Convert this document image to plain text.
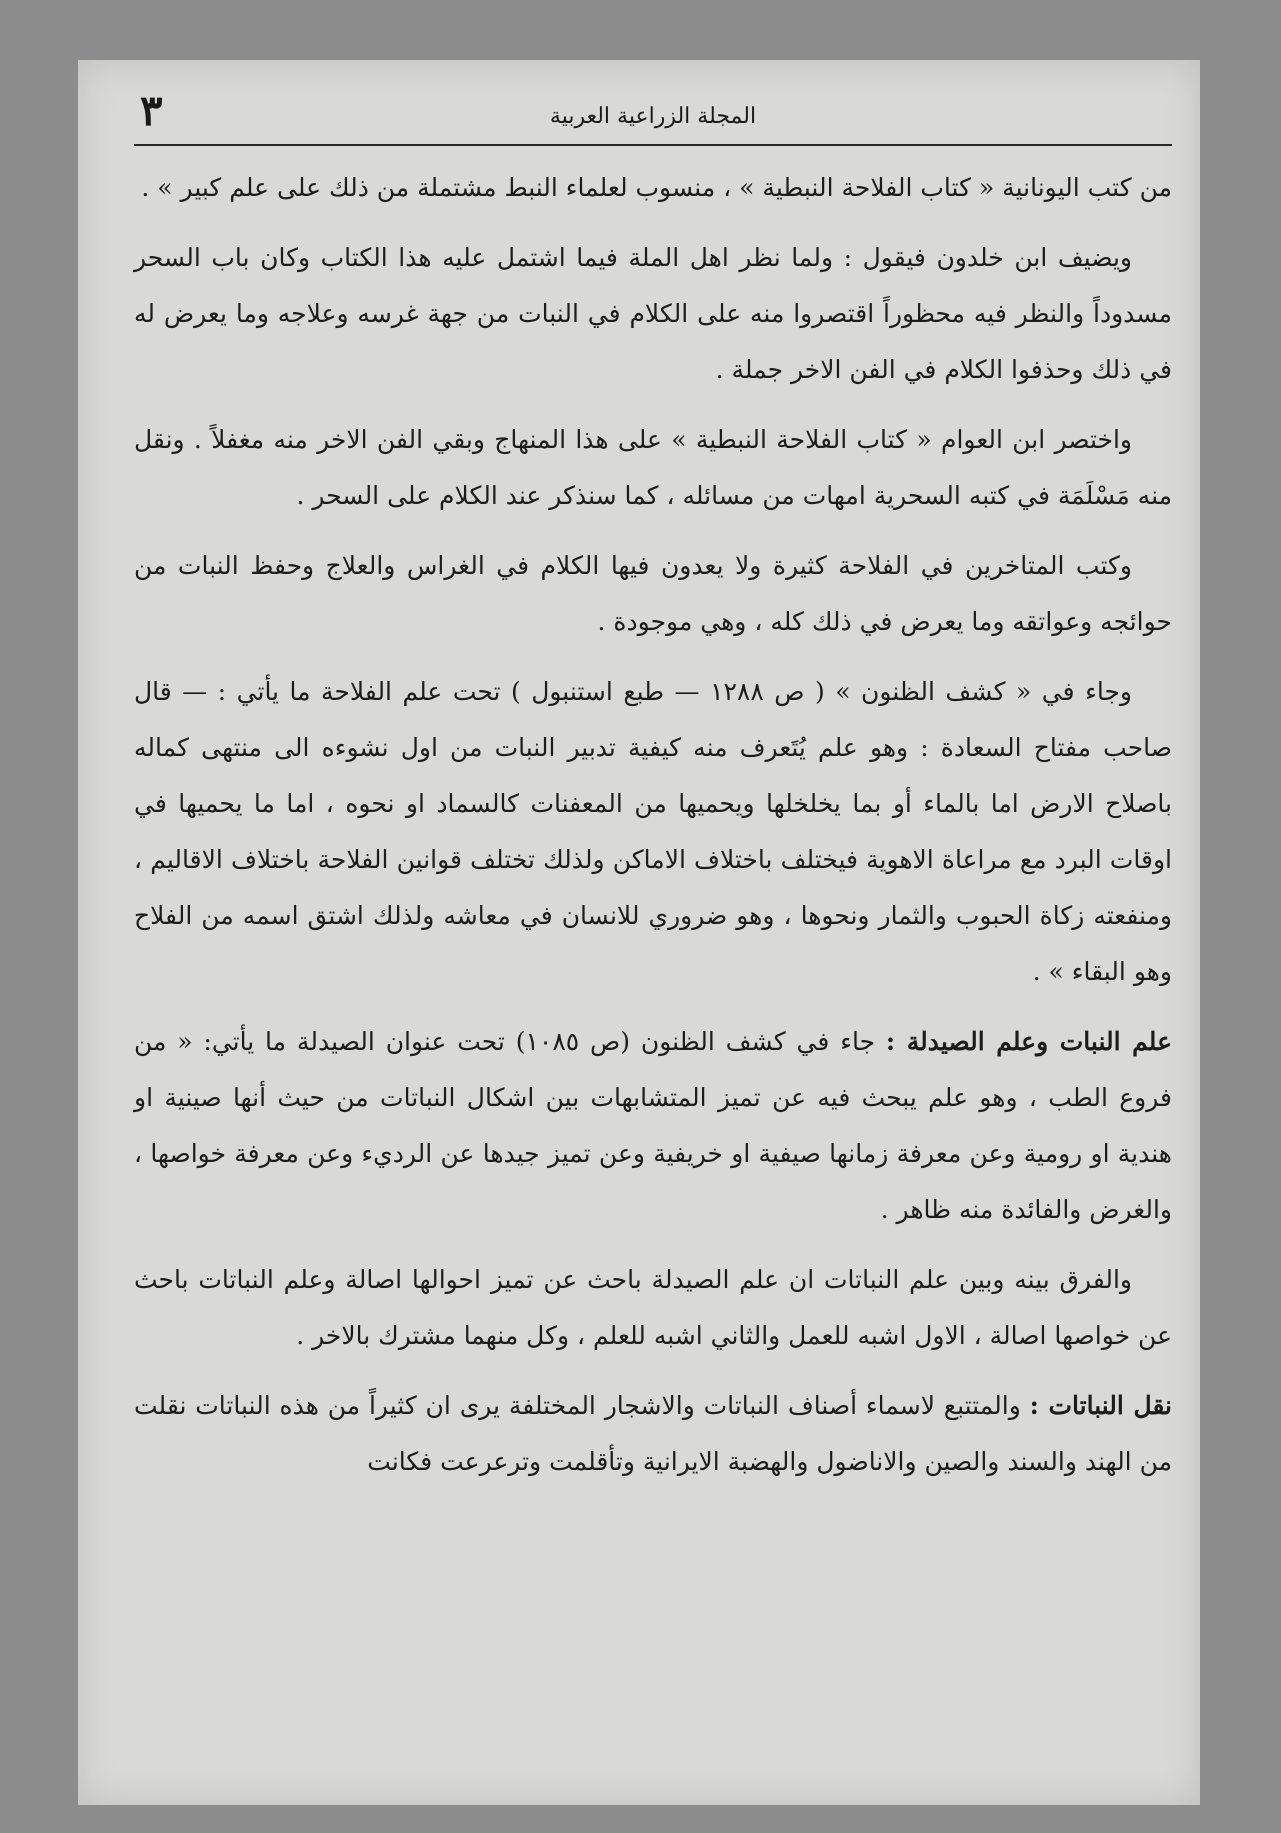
٣	المجلة الزراعية العربية

من كتب اليونانية « كتاب الفلاحة النبطية » ، منسوب لعلماء النبط مشتملة من ذلك على علم كبير » .

ويضيف ابن خلدون فيقول : ولما نظر اهل الملة فيما اشتمل عليه هذا الكتاب وكان باب السحر مسدوداً والنظر فيه محظوراً اقتصروا منه على الكلام في النبات من جهة غرسه وعلاجه وما يعرض له في ذلك وحذفوا الكلام في الفن الاخر جملة .

واختصر ابن العوام « كتاب الفلاحة النبطية » على هذا المنهاج وبقي الفن الاخر منه مغفلاً . ونقل منه مَسْلَمَة في كتبه السحرية امهات من مسائله ، كما سنذكر عند الكلام على السحر .

وكتب المتاخرين في الفلاحة كثيرة ولا يعدون فيها الكلام في الغراس والعلاج وحفظ النبات من حوائجه وعواتقه وما يعرض في ذلك كله ، وهي موجودة .

وجاء في « كشف الظنون » ( ص ١٢٨٨ — طبع استنبول ) تحت علم الفلاحة ما يأتي : — قال صاحب مفتاح السعادة : وهو علم يُتَعرف منه كيفية تدبير النبات من اول نشوءه الى منتهى كماله باصلاح الارض اما بالماء أو بما يخلخلها ويحميها من المعفنات كالسماد او نحوه ، اما ما يحميها في اوقات البرد مع مراعاة الاهوية فيختلف باختلاف الاماكن ولذلك تختلف قوانين الفلاحة باختلاف الاقاليم ، ومنفعته زكاة الحبوب والثمار ونحوها ، وهو ضروري للانسان في معاشه ولذلك اشتق اسمه من الفلاح وهو البقاء » .

علم النبات وعلم الصيدلة : جاء في كشف الظنون (ص ١٠٨٥) تحت عنوان الصيدلة ما يأتي: « من فروع الطب ، وهو علم يبحث فيه عن تميز المتشابهات بين اشكال النباتات من حيث أنها صينية او هندية او رومية وعن معرفة زمانها صيفية او خريفية وعن تميز جيدها عن الرديء وعن معرفة خواصها ، والغرض والفائدة منه ظاهر .

والفرق بينه وبين علم النباتات ان علم الصيدلة باحث عن تميز احوالها اصالة وعلم النباتات باحث عن خواصها اصالة ، الاول اشبه للعمل والثاني اشبه للعلم ، وكل منهما مشترك بالاخر .

نقل النباتات : والمتتبع لاسماء أصناف النباتات والاشجار المختلفة يرى ان كثيراً من هذه النباتات نقلت من الهند والسند والصين والاناضول والهضبة الايرانية وتأقلمت وترعرعت فكانت
